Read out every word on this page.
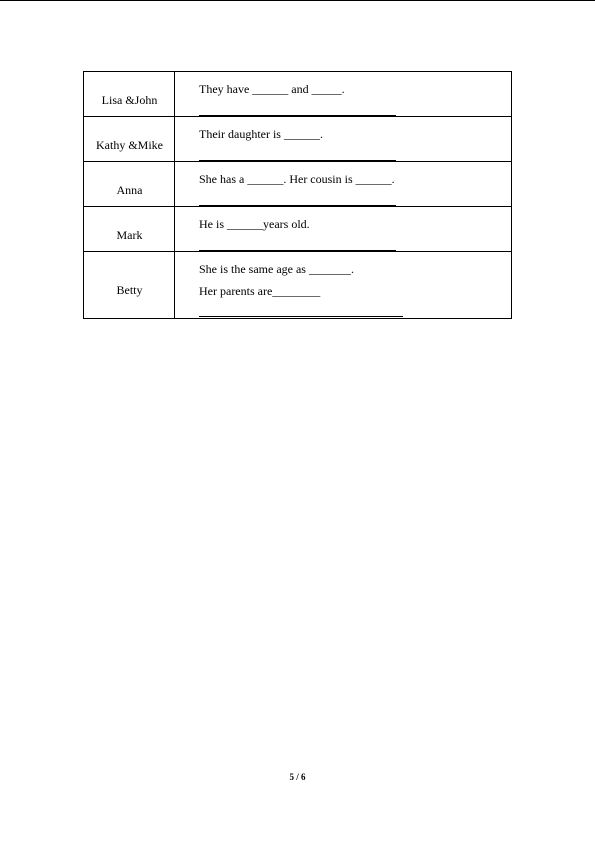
Lisa &John	They have ______ and _____.

Kathy &Mike	Their daughter is ______.

Anna	She has a ______. Her cousin is ______.

Mark	He is ______years old.

Betty	She is the same age as _______.
Her parents are________
5 / 6
